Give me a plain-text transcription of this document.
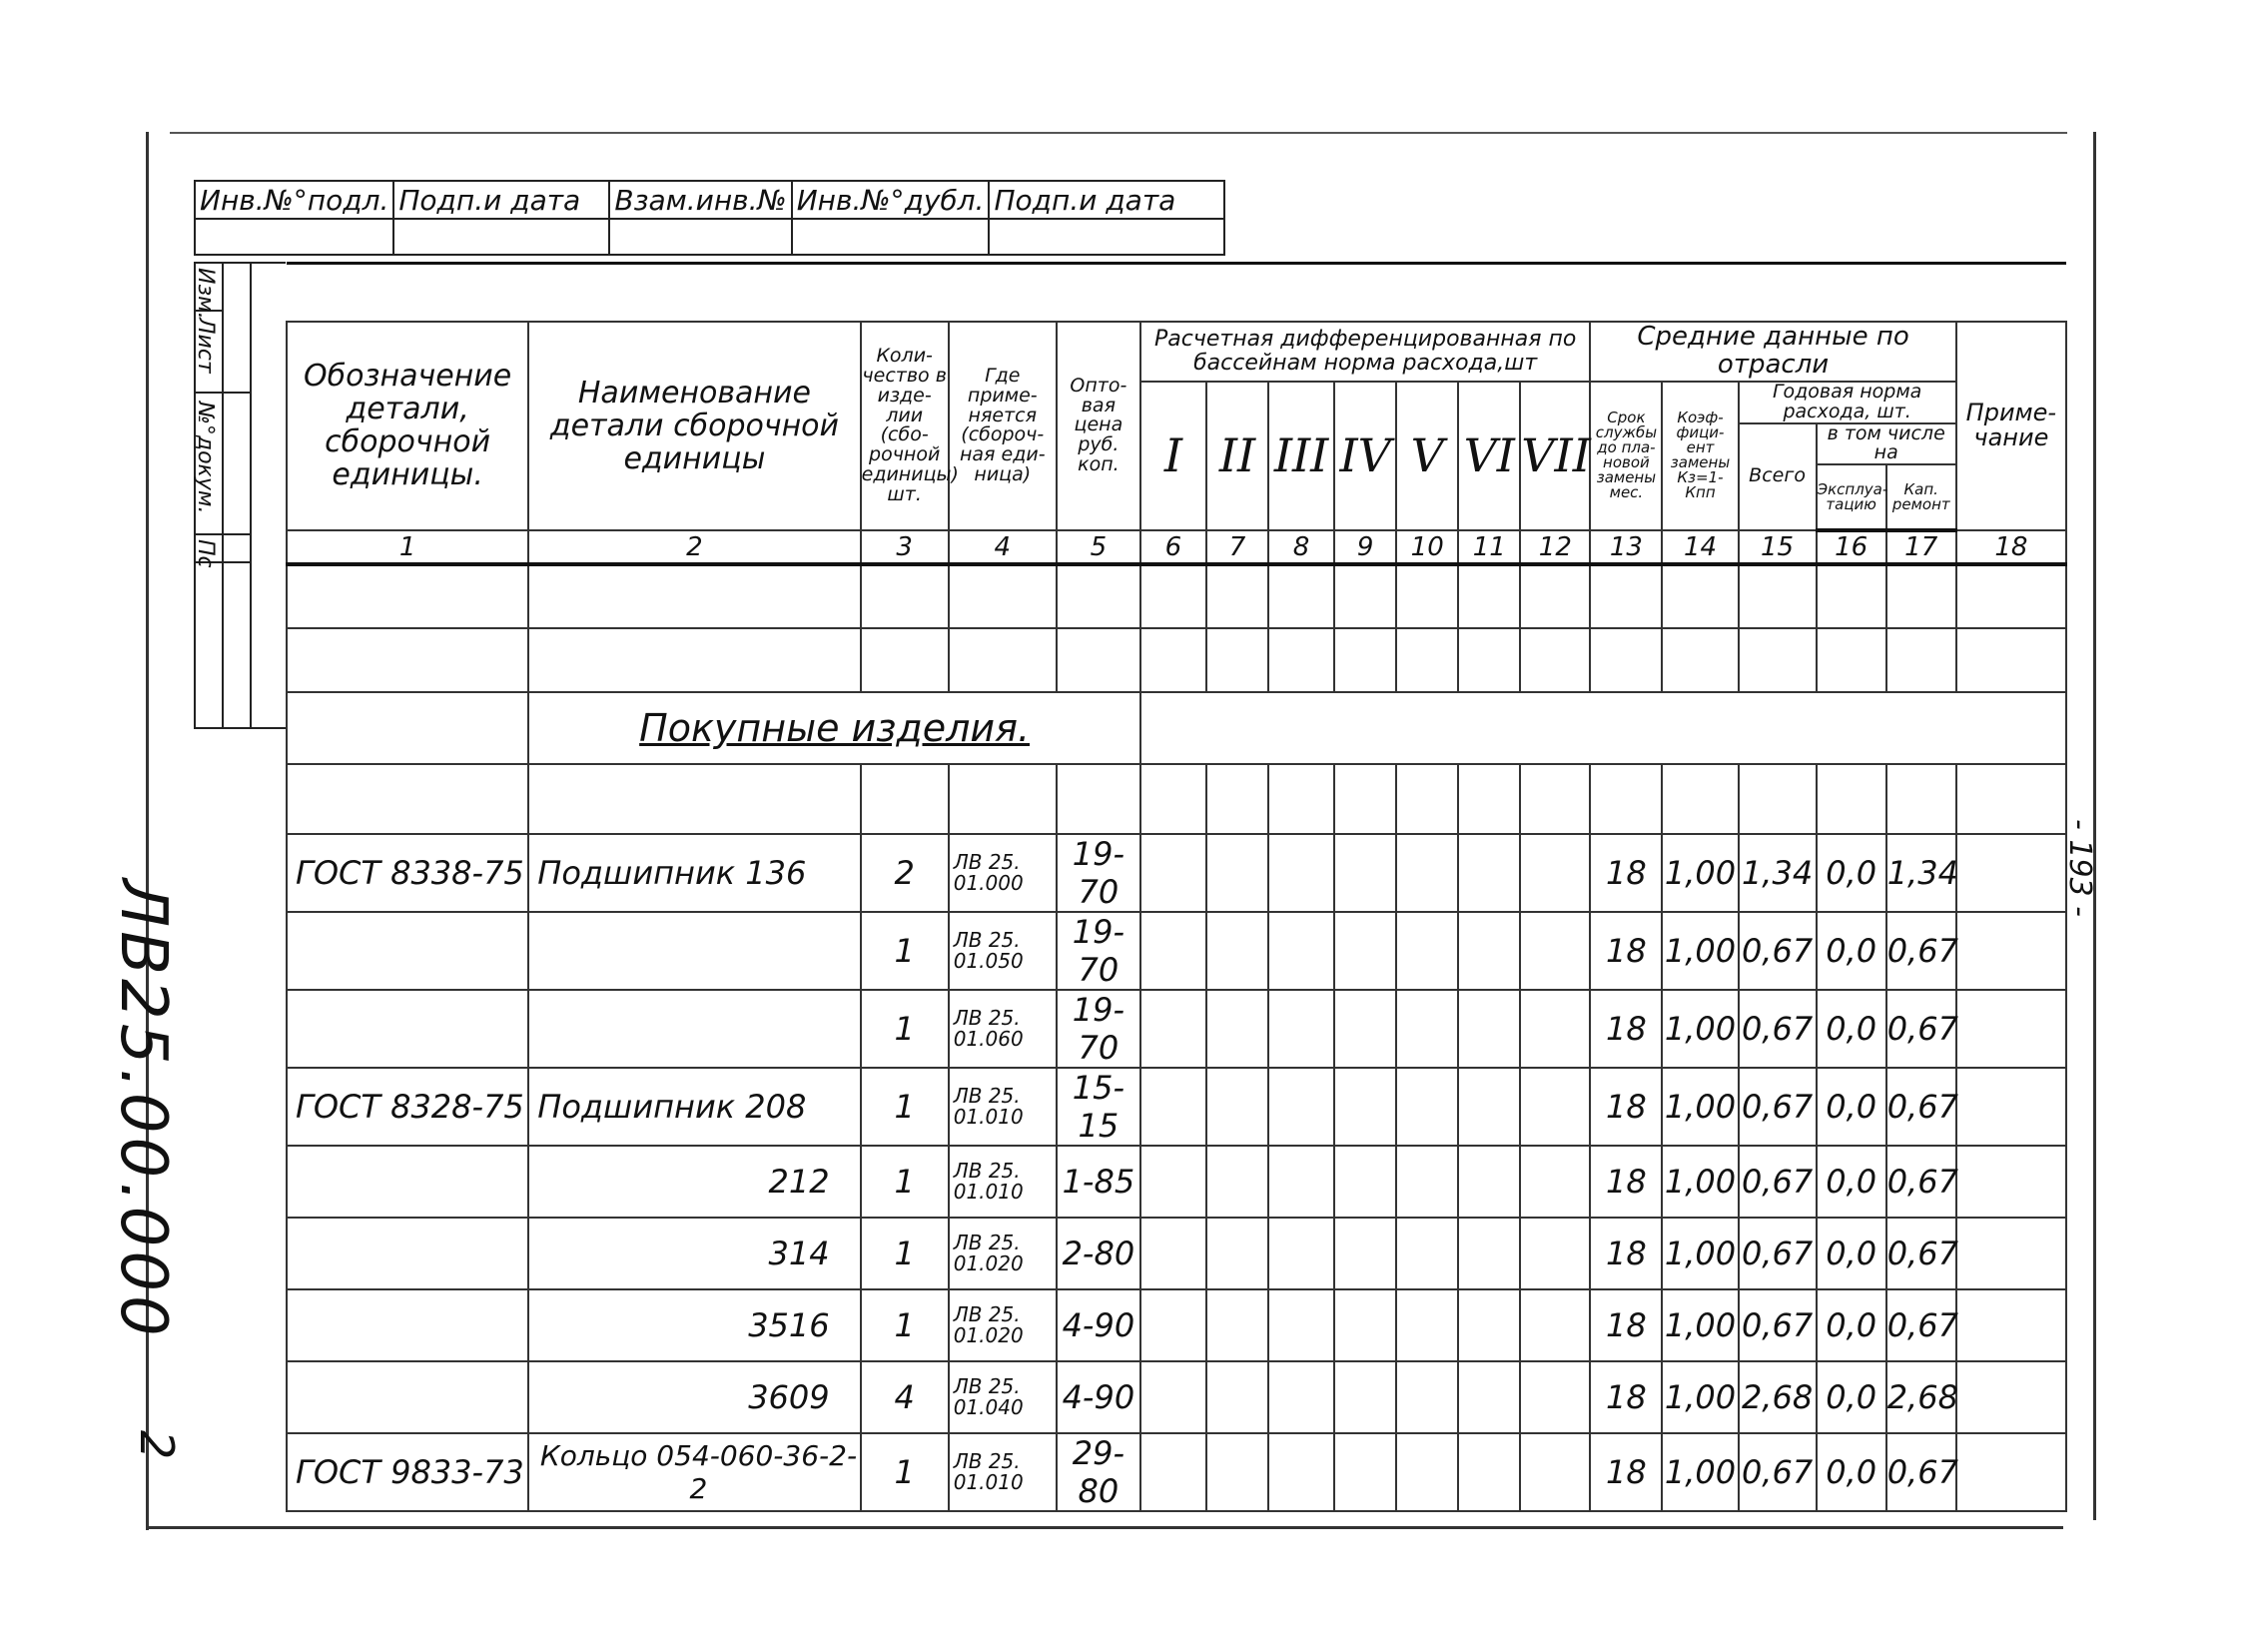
Инв.№°подл.	Подп.и дата	Взам.инв.№	Инв.№°дубл.	Подп.и дата

Изм.
Лист
№°докум.
Пс

Обозначение детали, сборочной единицы.	Наименование детали сборочной единицы	Коли-чество в изде-лии (сбо-рочной единицы) шт.	Где приме-няется (сбороч-ная еди-ница)	Опто-вая цена руб. коп.	Расчетная дифференцированная по бассейнам норма расхода,шт							Средние данные по отрасли					Приме-чание
					I	II	III	IV	V	VI	VII	Срок службы до пла-новой замены мес.	Коэф-фици-ент замены Кз=1-Кпп	Годовая норма расхода, шт.			
														Всего	в том числе на		
															Эксплуа-тацию	Кап. ремонт	
1	2	3	4	5	6	7	8	9	10	11	12	13	14	15	16	17	18

	Покупные изделия.																

ГОСТ 8338-75	Подшипник 136	2	ЛВ 25. 01.000	19-70								18	1,00	1,34	0,0	1,34	
		1	ЛВ 25. 01.050	19-70								18	1,00	0,67	0,0	0,67	
		1	ЛВ 25. 01.060	19-70								18	1,00	0,67	0,0	0,67	
ГОСТ 8328-75	Подшипник 208	1	ЛВ 25. 01.010	15-15								18	1,00	0,67	0,0	0,67	
	212	1	ЛВ 25. 01.010	1-85								18	1,00	0,67	0,0	0,67	
	314	1	ЛВ 25. 01.020	2-80								18	1,00	0,67	0,0	0,67	
	3516	1	ЛВ 25. 01.020	4-90								18	1,00	0,67	0,0	0,67	
	3609	4	ЛВ 25. 01.040	4-90								18	1,00	2,68	0,0	2,68	
ГОСТ 9833-73	Кольцо 054-060-36-2-2	1	ЛВ 25. 01.010	29-80								18	1,00	0,67	0,0	0,67	
ЛВ25.00.000
2
- 193 -
